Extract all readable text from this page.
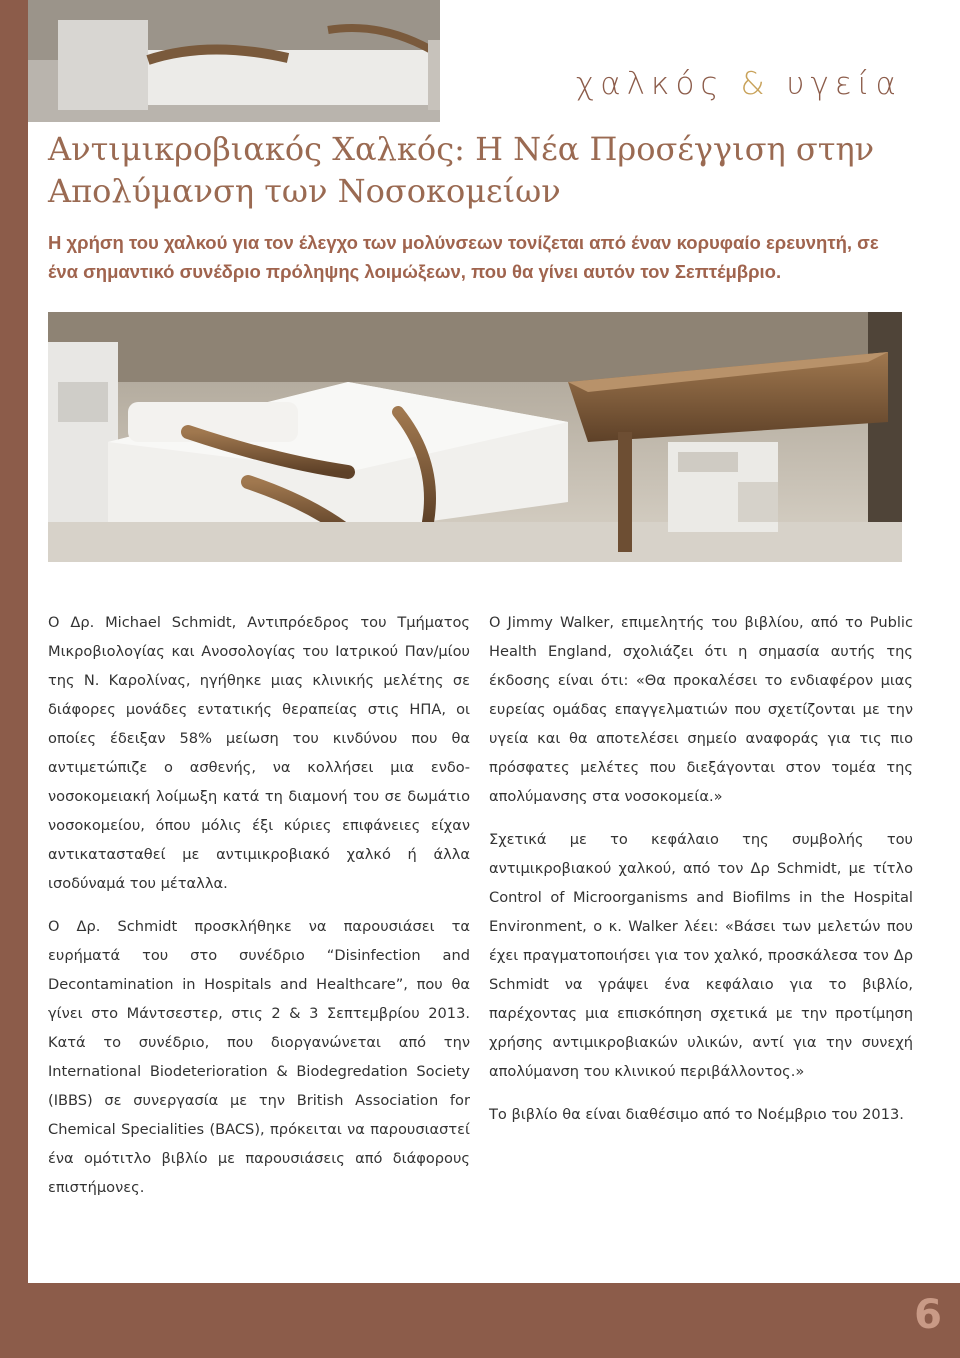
χαλκός & υγεία
Αντιμικροβιακός Χαλκός: Η Νέα Προσέγγιση στην Απολύμανση των Νοσοκομείων

Η χρήση του χαλκού για τον έλεγχο των μολύνσεων τονίζεται από έναν κορυφαίο ερευνητή, σε ένα σημαντικό συνέδριο πρόληψης λοιμώξεων, που θα γίνει αυτόν τον Σεπτέμβριο.

Ο Δρ. Michael Schmidt, Αντιπρόεδρος του Τμήματος Μικροβιολογίας και Ανοσολογίας του Ιατρικού Παν/μίου της Ν. Καρολίνας, ηγήθηκε μιας κλινικής μελέτης σε διάφορες μονάδες εντατικής θεραπείας στις ΗΠΑ, οι οποίες έδειξαν 58% μείωση του κινδύνου που θα αντιμετώπιζε ο ασθενής, να κολλήσει μια ενδο-νοσοκομειακή λοίμωξη κατά τη διαμονή του σε δωμάτιο νοσοκομείου, όπου μόλις έξι κύριες επιφάνειες είχαν αντικατασταθεί με αντιμικροβιακό χαλκό ή άλλα ισοδύναμά του μέταλλα.

Ο Δρ. Schmidt προσκλήθηκε να παρουσιάσει τα ευρήματά του στο συνέδριο “Disinfection and Decontamination in Hospitals and Healthcare”, που θα γίνει στο Μάντσεστερ, στις 2 & 3 Σεπτεμβρίου 2013. Κατά το συνέδριο, που διοργανώνεται από την International Biodeterioration & Biodegredation Society (IBBS) σε συνεργασία με την British Association for Chemical Specialities (BACS), πρόκειται να παρουσιαστεί ένα ομότιτλο βιβλίο με παρουσιάσεις από διάφορους επιστήμονες.

Ο Jimmy Walker, επιμελητής του βιβλίου, από το Public Health England, σχολιάζει ότι η σημασία αυτής της έκδοσης είναι ότι: «Θα προκαλέσει το ενδιαφέρον μιας ευρείας ομάδας επαγγελματιών που σχετίζονται με την υγεία και θα αποτελέσει σημείο αναφοράς για τις πιο πρόσφατες μελέτες που διεξάγονται στον τομέα της απολύμανσης στα νοσοκομεία.»

Σχετικά με το κεφάλαιο της συμβολής του αντιμικροβιακού χαλκού, από τον Δρ Schmidt, με τίτλο Control of Microorganisms and Biofilms in the Hospital Environment, ο κ. Walker λέει: «Βάσει των μελετών που έχει πραγματοποιήσει για τον χαλκό, προσκάλεσα τον Δρ Schmidt να γράψει ένα κεφάλαιο για το βιβλίο, παρέχοντας μια επισκόπηση σχετικά με την προτίμηση χρήσης αντιμικροβιακών υλικών, αντί για την συνεχή απολύμανση του κλινικού περιβάλλοντος.»

Το βιβλίο θα είναι διαθέσιμο από το Νοέμβριο του 2013.

6
